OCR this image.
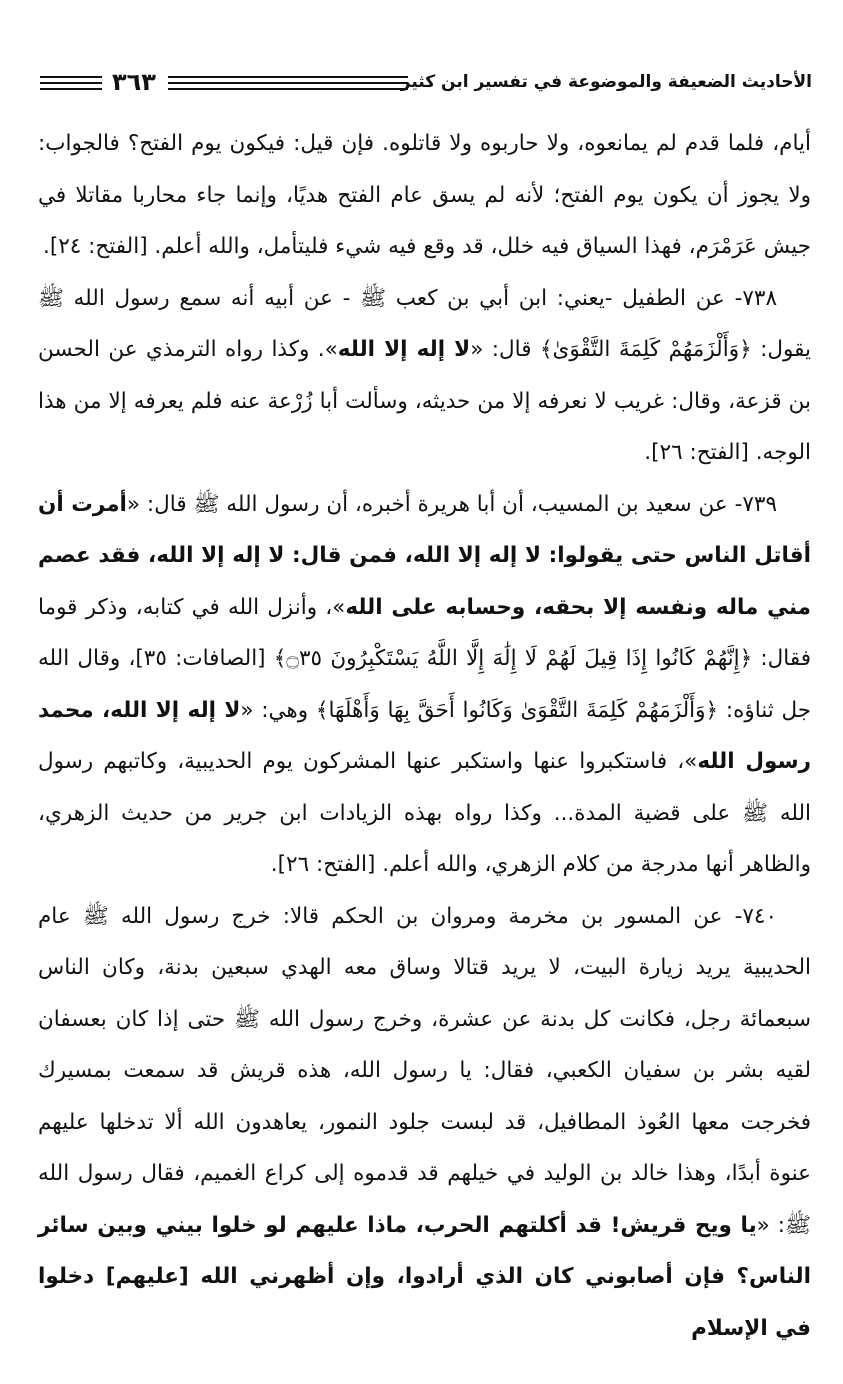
٣٦٣	الأحاديث الضعيفة والموضوعة في تفسير ابن كثير

أيام، فلما قدم لم يمانعوه، ولا حاربوه ولا قاتلوه. فإن قيل: فيكون يوم الفتح؟ فالجواب: ولا يجوز أن يكون يوم الفتح؛ لأنه لم يسق عام الفتح هديًا، وإنما جاء محاربا مقاتلا في جيش عَرَمْرَم، فهذا السياق فيه خلل، قد وقع فيه شيء فليتأمل، والله أعلم. [الفتح: ٢٤].

٧٣٨- عن الطفيل -يعني: ابن أبي بن كعب ﷺ - عن أبيه أنه سمع رسول الله ﷺ يقول: ﴿وَأَلْزَمَهُمْ كَلِمَةَ التَّقْوَىٰ﴾ قال: «لا إله إلا الله». وكذا رواه الترمذي عن الحسن بن قزعة، وقال: غريب لا نعرفه إلا من حديثه، وسألت أبا زُرْعة عنه فلم يعرفه إلا من هذا الوجه. [الفتح: ٢٦].

٧٣٩- عن سعيد بن المسيب، أن أبا هريرة أخبره، أن رسول الله ﷺ قال: «أمرت أن أقاتل الناس حتى يقولوا: لا إله إلا الله، فمن قال: لا إله إلا الله، فقد عصم مني ماله ونفسه إلا بحقه، وحسابه على الله»، وأنزل الله في كتابه، وذكر قوما فقال: ﴿إِنَّهُمْ كَانُوا إِذَا قِيلَ لَهُمْ لَا إِلَٰهَ إِلَّا اللَّهُ يَسْتَكْبِرُونَ ۝٣٥﴾ [الصافات: ٣٥]، وقال الله جل ثناؤه: ﴿وَأَلْزَمَهُمْ كَلِمَةَ التَّقْوَىٰ وَكَانُوا أَحَقَّ بِهَا وَأَهْلَهَا﴾ وهي: «لا إله إلا الله، محمد رسول الله»، فاستكبروا عنها واستكبر عنها المشركون يوم الحديبية، وكاتبهم رسول الله ﷺ على قضية المدة... وكذا رواه بهذه الزيادات ابن جرير من حديث الزهري، والظاهر أنها مدرجة من كلام الزهري، والله أعلم. [الفتح: ٢٦].

٧٤٠- عن المسور بن مخرمة ومروان بن الحكم قالا: خرج رسول الله ﷺ عام الحديبية يريد زيارة البيت، لا يريد قتالا وساق معه الهدي سبعين بدنة، وكان الناس سبعمائة رجل، فكانت كل بدنة عن عشرة، وخرج رسول الله ﷺ حتى إذا كان بعسفان لقيه بشر بن سفيان الكعبي، فقال: يا رسول الله، هذه قريش قد سمعت بمسيرك فخرجت معها العُوذ المطافيل، قد لبست جلود النمور، يعاهدون الله ألا تدخلها عليهم عنوة أبدًا، وهذا خالد بن الوليد في خيلهم قد قدموه إلى كراع الغميم، فقال رسول الله ﷺ: «يا ويح قريش! قد أكلتهم الحرب، ماذا عليهم لو خلوا بيني وبين سائر الناس؟ فإن أصابوني كان الذي أرادوا، وإن أظهرني الله [عليهم] دخلوا في الإسلام
